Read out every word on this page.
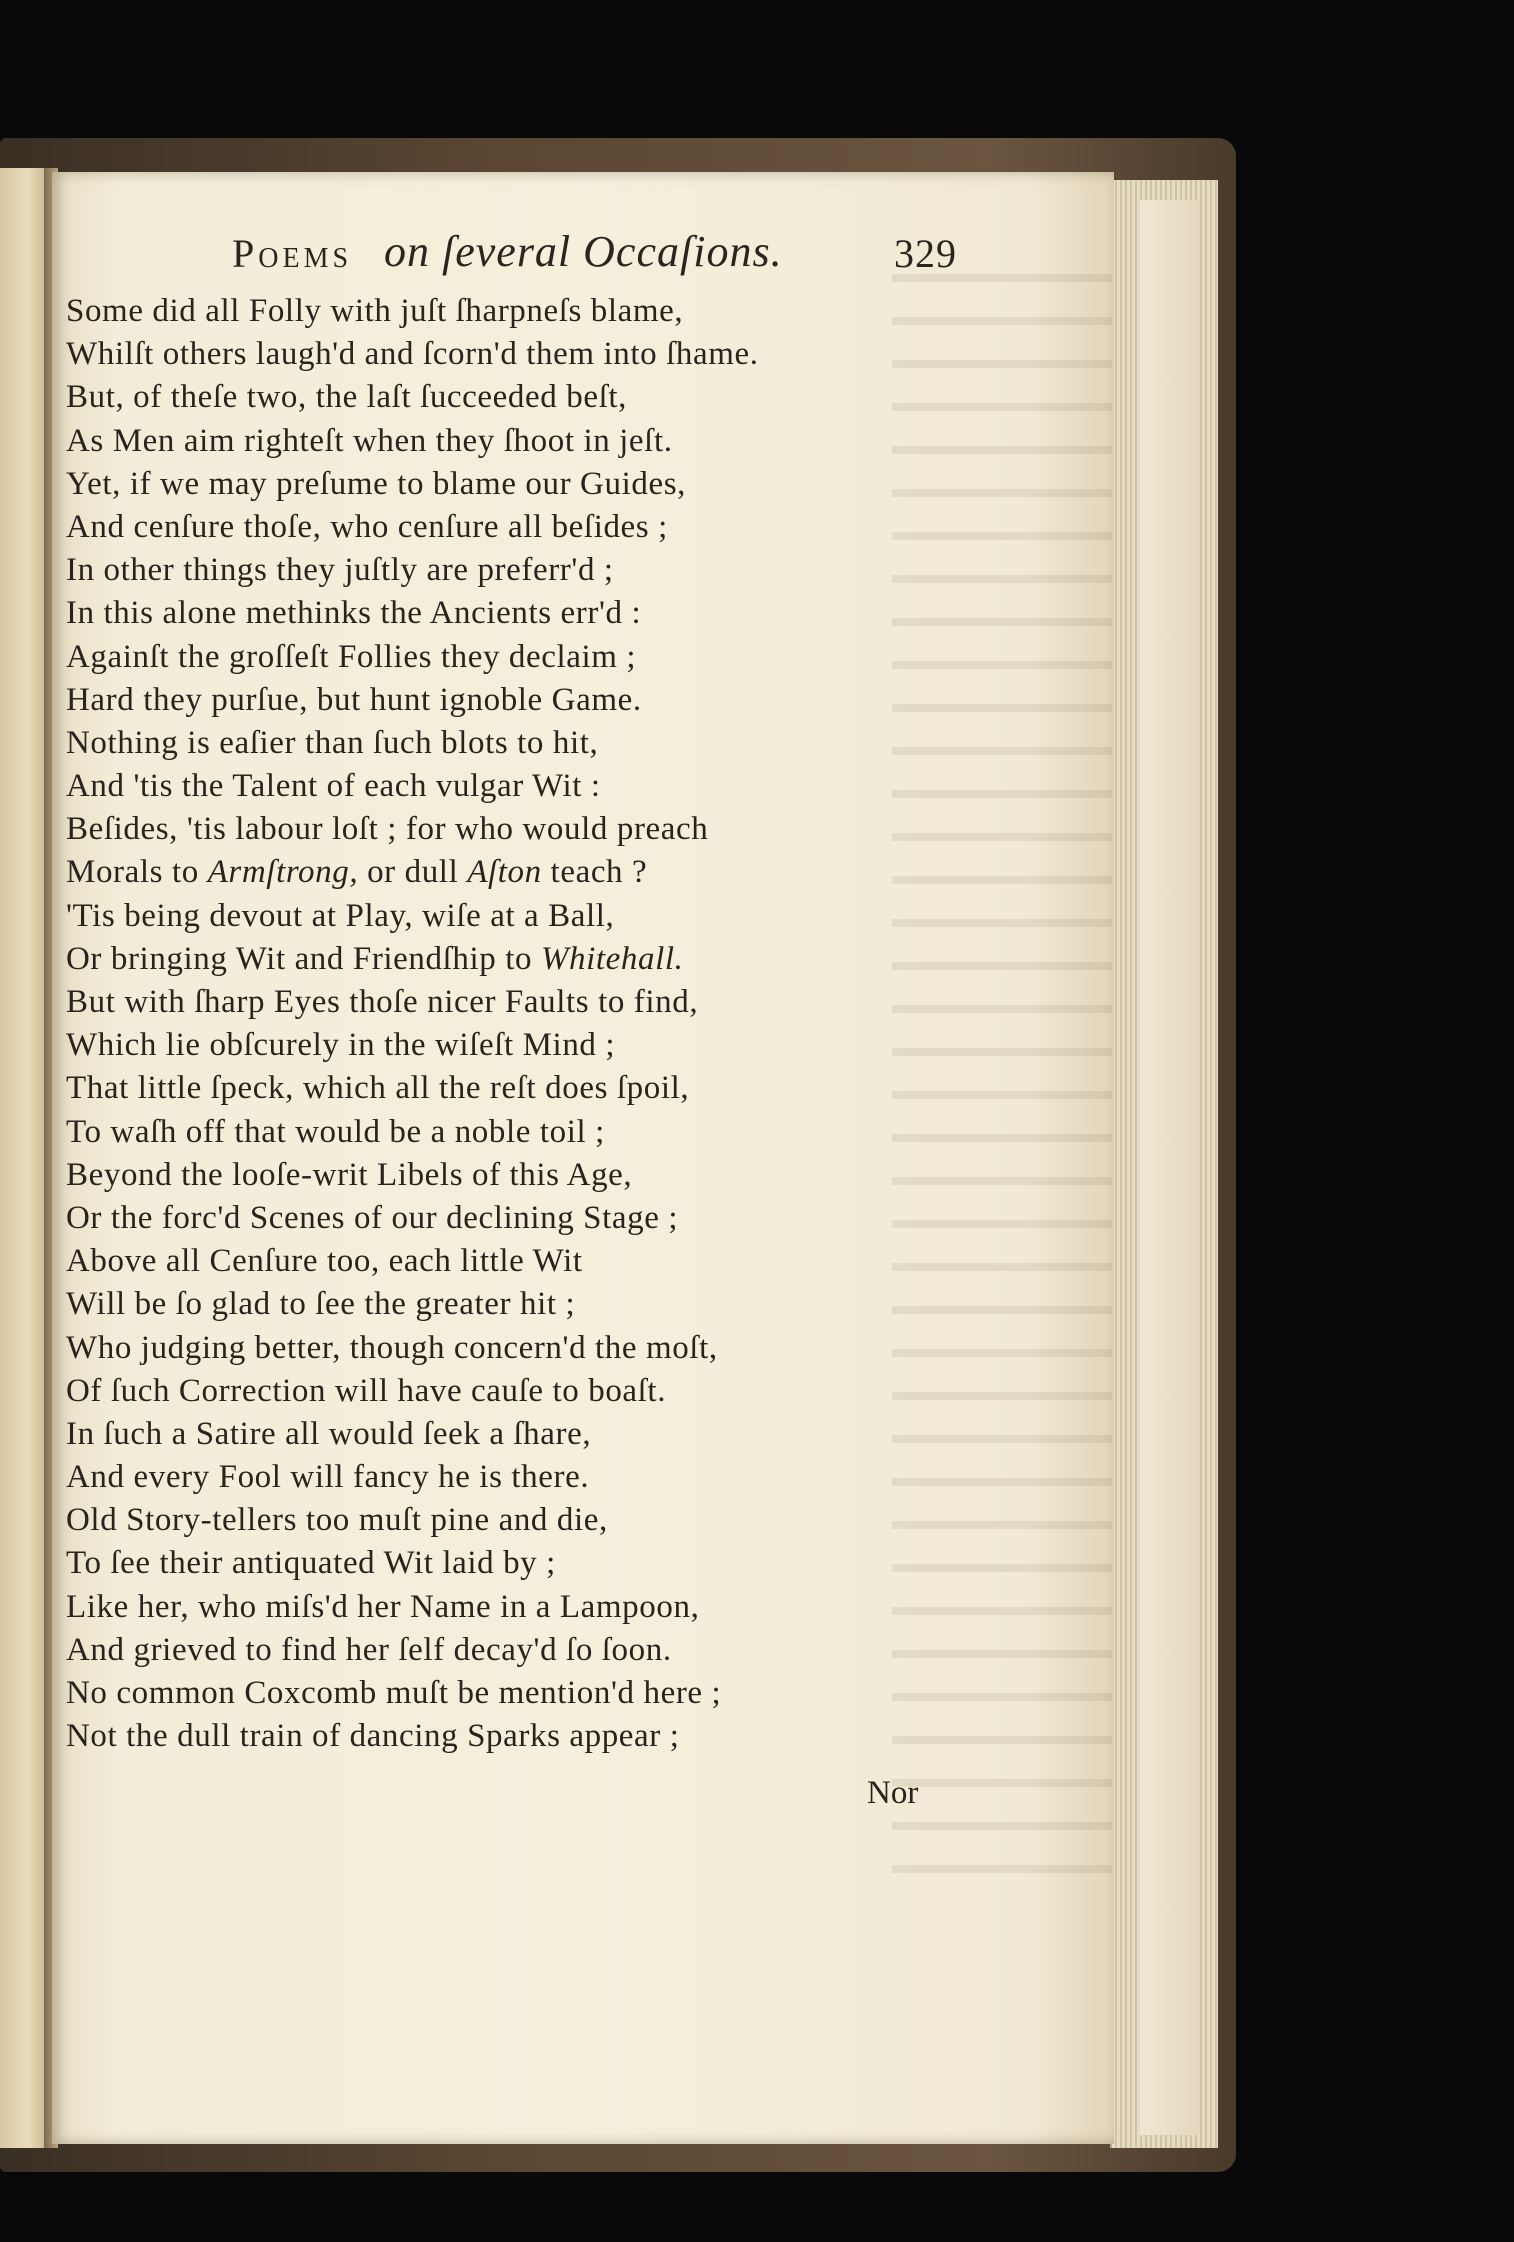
Poems on ſeveral Occaſions.	329
Some did all Folly with juſt ſharpneſs blame,
Whilſt others laugh'd and ſcorn'd them into ſhame.
But, of theſe two, the laſt ſucceeded beſt,
As Men aim righteſt when they ſhoot in jeſt.
Yet, if we may preſume to blame our Guides,
And cenſure thoſe, who cenſure all beſides ;
In other things they juſtly are preferr'd ;
In this alone methinks the Ancients err'd :
Againſt the groſſeſt Follies they declaim ;
Hard they purſue, but hunt ignoble Game.
Nothing is eaſier than ſuch blots to hit,
And 'tis the Talent of each vulgar Wit :
Beſides, 'tis labour loſt ; for who would preach
Morals to Armſtrong, or dull Aſton teach ?
'Tis being devout at Play, wiſe at a Ball,
Or bringing Wit and Friendſhip to Whitehall.
But with ſharp Eyes thoſe nicer Faults to find,
Which lie obſcurely in the wiſeſt Mind ;
That little ſpeck, which all the reſt does ſpoil,
To waſh off that would be a noble toil ;
Beyond the looſe-writ Libels of this Age,
Or the forc'd Scenes of our declining Stage ;
Above all Cenſure too, each little Wit
Will be ſo glad to ſee the greater hit ;
Who judging better, though concern'd the moſt,
Of ſuch Correction will have cauſe to boaſt.
In ſuch a Satire all would ſeek a ſhare,
And every Fool will fancy he is there.
Old Story-tellers too muſt pine and die,
To ſee their antiquated Wit laid by ;
Like her, who miſs'd her Name in a Lampoon,
And grieved to find her ſelf decay'd ſo ſoon.
No common Coxcomb muſt be mention'd here ;
Not the dull train of dancing Sparks appear ;
Nor
